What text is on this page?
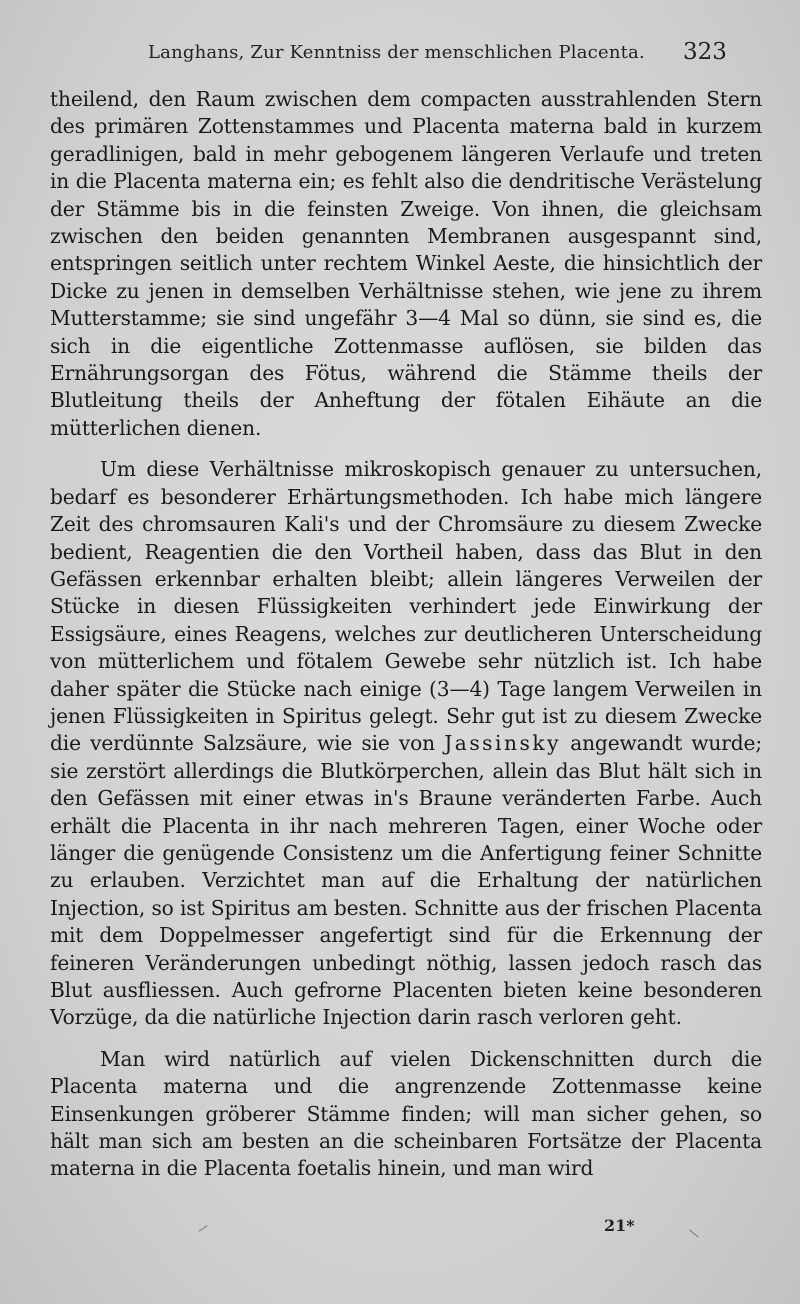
Langhans, Zur Kenntniss der menschlichen Placenta. 323

theilend, den Raum zwischen dem compacten ausstrahlenden Stern des primären Zottenstammes und Placenta materna bald in kurzem geradlinigen, bald in mehr gebogenem längeren Verlaufe und treten in die Placenta materna ein; es fehlt also die dendritische Verästelung der Stämme bis in die feinsten Zweige. Von ihnen, die gleichsam zwischen den beiden genannten Membranen ausgespannt sind, entspringen seitlich unter rechtem Winkel Aeste, die hinsichtlich der Dicke zu jenen in demselben Verhältnisse stehen, wie jene zu ihrem Mutterstamme; sie sind ungefähr 3—4 Mal so dünn, sie sind es, die sich in die eigentliche Zottenmasse auflösen, sie bilden das Ernährungsorgan des Fötus, während die Stämme theils der Blutleitung theils der Anheftung der fötalen Eihäute an die mütterlichen dienen.

Um diese Verhältnisse mikroskopisch genauer zu untersuchen, bedarf es besonderer Erhärtungsmethoden. Ich habe mich längere Zeit des chromsauren Kali's und der Chromsäure zu diesem Zwecke bedient, Reagentien die den Vortheil haben, dass das Blut in den Gefässen erkennbar erhalten bleibt; allein längeres Verweilen der Stücke in diesen Flüssigkeiten verhindert jede Einwirkung der Essigsäure, eines Reagens, welches zur deutlicheren Unterscheidung von mütterlichem und fötalem Gewebe sehr nützlich ist. Ich habe daher später die Stücke nach einige (3—4) Tage langem Verweilen in jenen Flüssigkeiten in Spiritus gelegt. Sehr gut ist zu diesem Zwecke die verdünnte Salzsäure, wie sie von Jassinsky angewandt wurde; sie zerstört allerdings die Blutkörperchen, allein das Blut hält sich in den Gefässen mit einer etwas in's Braune veränderten Farbe. Auch erhält die Placenta in ihr nach mehreren Tagen, einer Woche oder länger die genügende Consistenz um die Anfertigung feiner Schnitte zu erlauben. Verzichtet man auf die Erhaltung der natürlichen Injection, so ist Spiritus am besten. Schnitte aus der frischen Placenta mit dem Doppelmesser angefertigt sind für die Erkennung der feineren Veränderungen unbedingt nöthig, lassen jedoch rasch das Blut ausfliessen. Auch gefrorne Placenten bieten keine besonderen Vorzüge, da die natürliche Injection darin rasch verloren geht.

Man wird natürlich auf vielen Dickenschnitten durch die Placenta materna und die angrenzende Zottenmasse keine Einsenkungen gröberer Stämme finden; will man sicher gehen, so hält man sich am besten an die scheinbaren Fortsätze der Placenta materna in die Placenta foetalis hinein, und man wird

21*
